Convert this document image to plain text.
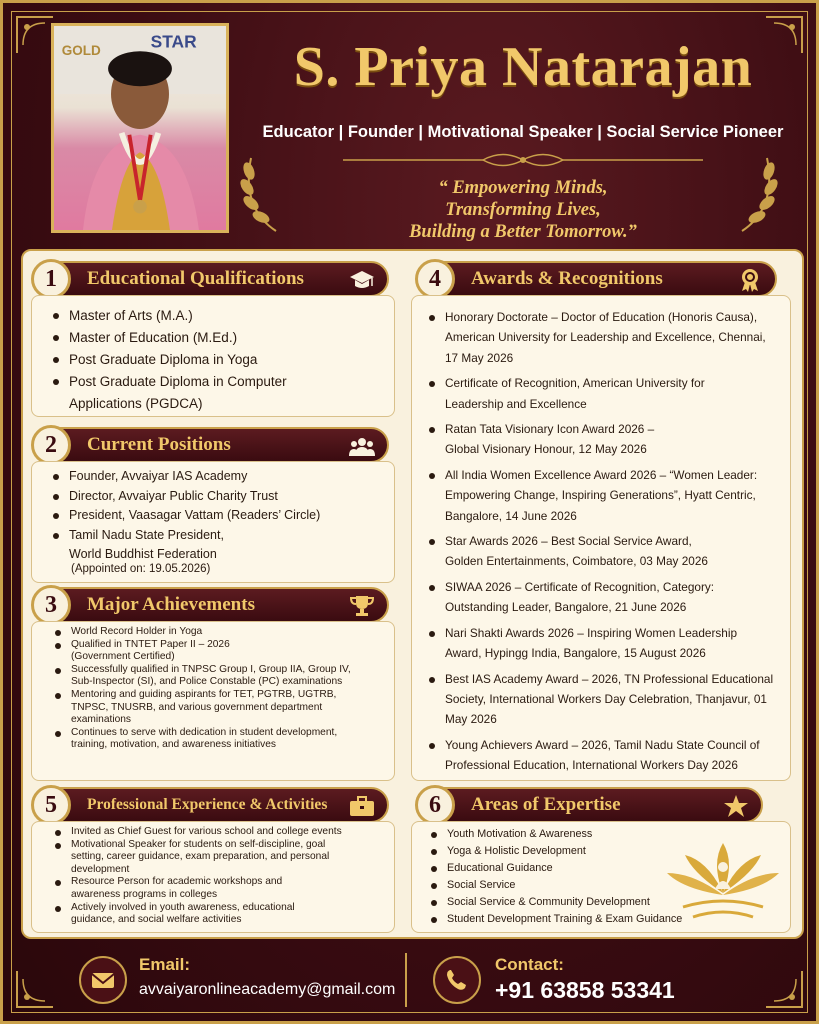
GOLD	STAR	S. Priya Natarajan
Educator | Founder | Motivational Speaker | Social Service Pioneer
“ Empowering Minds,
Transforming Lives,
Building a Better Tomorrow.”
1	Educational Qualifications
Master of Arts (M.A.)
Master of Education (M.Ed.)
Post Graduate Diploma in Yoga
Post Graduate Diploma in Computer Applications (PGDCA)
2	Current Positions
Founder, Avvaiyar IAS Academy
Director, Avvaiyar Public Charity Trust
President, Vaasagar Vattam (Readers’ Circle)
Tamil Nadu State President, World Buddhist Federation
(Appointed on: 19.05.2026)
3	Major Achievements
World Record Holder in Yoga
Qualified in TNTET Paper II – 2026 (Government Certified)
Successfully qualified in TNPSC Group I, Group IIA, Group IV, Sub-Inspector (SI), and Police Constable (PC) examinations
Mentoring and guiding aspirants for TET, PGTRB, UGTRB, TNPSC, TNUSRB, and various government department examinations
Continues to serve with dedication in student development, training, motivation, and awareness initiatives
4	Awards & Recognitions
Honorary Doctorate – Doctor of Education (Honoris Causa), American University for Leadership and Excellence, Chennai, 17 May 2026
Certificate of Recognition, American University for Leadership and Excellence
Ratan Tata Visionary Icon Award 2026 – Global Visionary Honour, 12 May 2026
All India Women Excellence Award 2026 – “Women Leader: Empowering Change, Inspiring Generations”, Hyatt Centric, Bangalore, 14 June 2026
Star Awards 2026 – Best Social Service Award, Golden Entertainments, Coimbatore, 03 May 2026
SIWAA 2026 – Certificate of Recognition, Category: Outstanding Leader, Bangalore, 21 June 2026
Nari Shakti Awards 2026 – Inspiring Women Leadership Award, Hypingg India, Bangalore, 15 August 2026
Best IAS Academy Award – 2026, TN Professional Educational Society, International Workers Day Celebration, Thanjavur, 01 May 2026
Young Achievers Award – 2026, Tamil Nadu State Council of Professional Education, International Workers Day 2026
5	Professional Experience & Activities
Invited as Chief Guest for various school and college events
Motivational Speaker for students on self-discipline, goal setting, career guidance, exam preparation, and personal development
Resource Person for academic workshops and awareness programs in colleges
Actively involved in youth awareness, educational guidance, and social welfare activities
6	Areas of Expertise
Youth Motivation & Awareness
Yoga & Holistic Development
Educational Guidance
Social Service
Social Service & Community Development
Student Development Training & Exam Guidance
Email:
avvaiyaronlineacademy@gmail.com
Contact:
+91 63858 53341
